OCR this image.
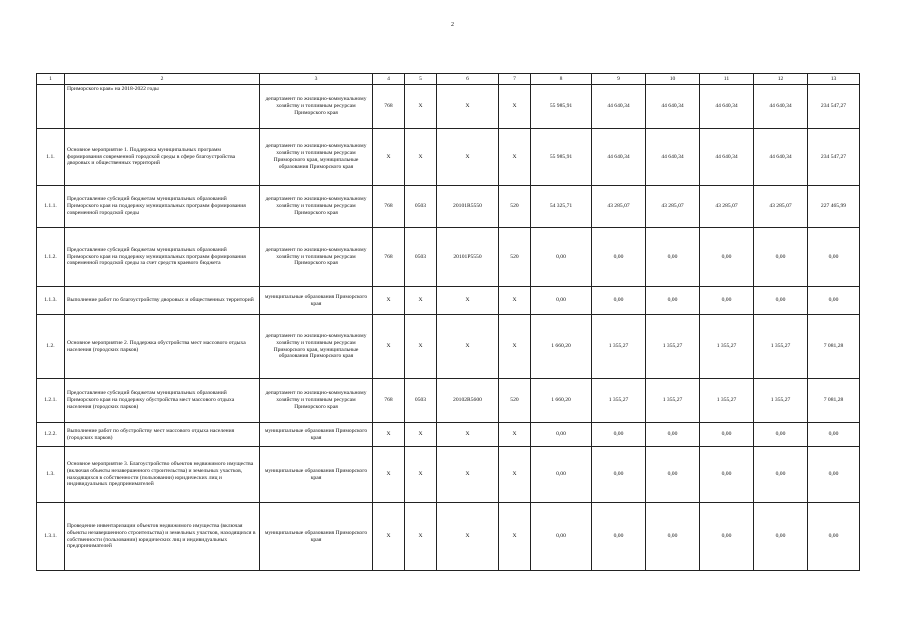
2
1	2	3	4	5	6	7	8	9	10	11	12	13
	Приморского края» на 2018-2022 годы	департамент по жилищно-коммунальному хозяйству и топливным ресурсам Приморского края	768	X	X	X	55 985,91	44 640,34	44 640,34	44 640,34	44 640,34	234 547,27
1.1.	Основное мероприятие 1. Поддержка муниципальных программ формирования современной городской среды в сфере благоустройства дворовых и общественных территорий	департамент по жилищно-коммунальному хозяйству и топливным ресурсам Приморского края, муниципальные образования Приморского края	X	X	X	X	55 985,91	44 640,34	44 640,34	44 640,34	44 640,34	234 547,27
1.1.1.	Предоставление субсидий бюджетам муниципальных образований Приморского края на поддержку муниципальных программ формирования современной городской среды	департамент по жилищно-коммунальному хозяйству и топливным ресурсам Приморского края	768	0503	20101R5550	520	54 325,71	43 285,07	43 285,07	43 285,07	43 285,07	227 465,99
1.1.2.	Предоставление субсидий бюджетам муниципальных образований Приморского края на поддержку муниципальных программ формирования современной городской среды за счет средств краевого бюджета	департамент по жилищно-коммунальному хозяйству и топливным ресурсам Приморского края	768	0503	20101P5550	520	0,00	0,00	0,00	0,00	0,00	0,00
1.1.3.	Выполнение работ по благоустройству дворовых и общественных территорий	муниципальные образования Приморского края	X	X	X	X	0,00	0,00	0,00	0,00	0,00	0,00
1.2.	Основное мероприятие 2. Поддержка обустройства мест массового отдыха населения (городских парков)	департамент по жилищно-коммунальному хозяйству и топливным ресурсам Приморского края, муниципальные образования Приморского края	X	X	X	X	1 660,20	1 355,27	1 355,27	1 355,27	1 355,27	7 081,28
1.2.1.	Предоставление субсидий бюджетам муниципальных образований Приморского края на поддержку обустройства мест массового отдыха населения (городских парков)	департамент по жилищно-коммунальному хозяйству и топливным ресурсам Приморского края	768	0503	20102R5600	520	1 660,20	1 355,27	1 355,27	1 355,27	1 355,27	7 081,28
1.2.2.	Выполнение работ по обустройству мест массового отдыха населения (городских парков)	муниципальные образования Приморского края	X	X	X	X	0,00	0,00	0,00	0,00	0,00	0,00
1.3.	Основное мероприятие 3. Благоустройство объектов недвижимого имущества (включая объекты незавершенного строительства) и земельных участков, находящихся в собственности (пользовании) юридических лиц и индивидуальных предпринимателей	муниципальные образования Приморского края	X	X	X	X	0,00	0,00	0,00	0,00	0,00	0,00
1.3.1.	Проведение инвентаризации объектов недвижимого имущества (включая объекты незавершенного строительства) и земельных участков, находящихся в собственности (пользовании) юридических лиц и индивидуальных предпринимателей	муниципальные образования Приморского края	X	X	X	X	0,00	0,00	0,00	0,00	0,00	0,00
